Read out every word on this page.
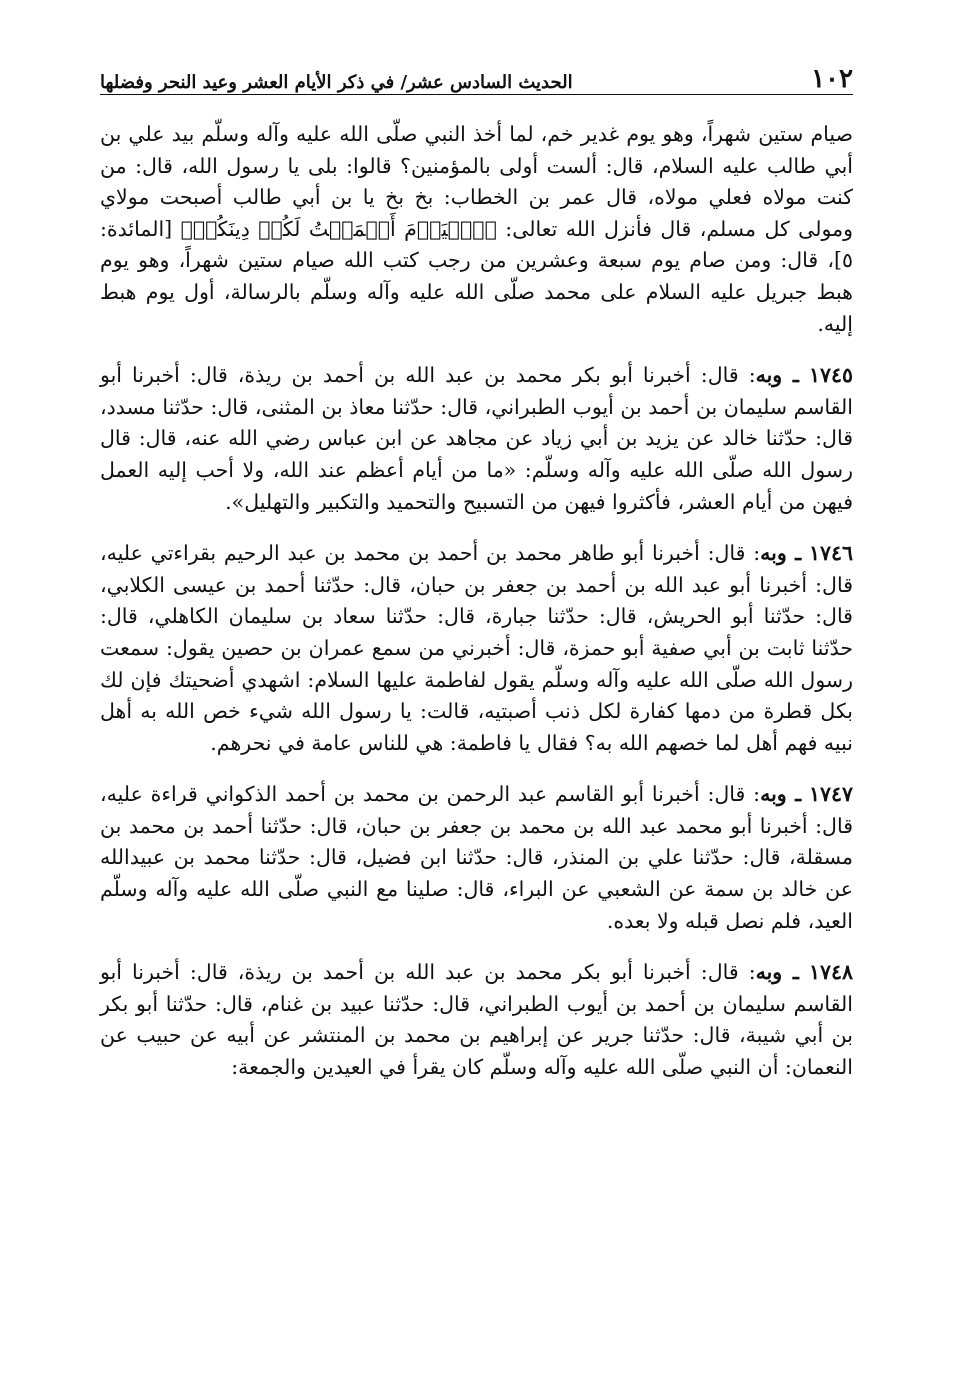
١٠٢
الحديث السادس عشر/ في ذكر الأيام العشر وعيد النحر وفضلها

صيام ستين شهراً، وهو يوم غدير خم، لما أخذ النبي صلّى الله عليه وآله وسلّم بيد علي بن أبي طالب عليه السلام، قال: ألست أولى بالمؤمنين؟ قالوا: بلى يا رسول الله، قال: من كنت مولاه فعلي مولاه، قال عمر بن الخطاب: بخ بخ يا بن أبي طالب أصبحت مولاي ومولى كل مسلم، قال فأنزل الله تعالى: ﴿ٱلۡيَوۡمَ أَكۡمَلۡتُ لَكُمۡ دِينَكُمۡ﴾ [المائدة: ٥]، قال: ومن صام يوم سبعة وعشرين من رجب كتب الله صيام ستين شهراً، وهو يوم هبط جبريل عليه السلام على محمد صلّى الله عليه وآله وسلّم بالرسالة، أول يوم هبط إليه.

١٧٤٥ ـ وبه: قال: أخبرنا أبو بكر محمد بن عبد الله بن أحمد بن ريذة، قال: أخبرنا أبو القاسم سليمان بن أحمد بن أيوب الطبراني، قال: حدّثنا معاذ بن المثنى، قال: حدّثنا مسدد، قال: حدّثنا خالد عن يزيد بن أبي زياد عن مجاهد عن ابن عباس رضي الله عنه، قال: قال رسول الله صلّى الله عليه وآله وسلّم: «ما من أيام أعظم عند الله، ولا أحب إليه العمل فيهن من أيام العشر، فأكثروا فيهن من التسبيح والتحميد والتكبير والتهليل».

١٧٤٦ ـ وبه: قال: أخبرنا أبو طاهر محمد بن أحمد بن محمد بن عبد الرحيم بقراءتي عليه، قال: أخبرنا أبو عبد الله بن أحمد بن جعفر بن حبان، قال: حدّثنا أحمد بن عيسى الكلابي، قال: حدّثنا أبو الحريش، قال: حدّثنا جبارة، قال: حدّثنا سعاد بن سليمان الكاهلي، قال: حدّثنا ثابت بن أبي صفية أبو حمزة، قال: أخبرني من سمع عمران بن حصين يقول: سمعت رسول الله صلّى الله عليه وآله وسلّم يقول لفاطمة عليها السلام: اشهدي أضحيتك فإن لك بكل قطرة من دمها كفارة لكل ذنب أصبتيه، قالت: يا رسول الله شيء خص الله به أهل نبيه فهم أهل لما خصهم الله به؟ فقال يا فاطمة: هي للناس عامة في نحرهم.

١٧٤٧ ـ وبه: قال: أخبرنا أبو القاسم عبد الرحمن بن محمد بن أحمد الذكواني قراءة عليه، قال: أخبرنا أبو محمد عبد الله بن محمد بن جعفر بن حبان، قال: حدّثنا أحمد بن محمد بن مسقلة، قال: حدّثنا علي بن المنذر، قال: حدّثنا ابن فضيل، قال: حدّثنا محمد بن عبيدالله عن خالد بن سمة عن الشعبي عن البراء، قال: صلينا مع النبي صلّى الله عليه وآله وسلّم العيد، فلم نصل قبله ولا بعده.

١٧٤٨ ـ وبه: قال: أخبرنا أبو بكر محمد بن عبد الله بن أحمد بن ريذة، قال: أخبرنا أبو القاسم سليمان بن أحمد بن أيوب الطبراني، قال: حدّثنا عبيد بن غنام، قال: حدّثنا أبو بكر بن أبي شيبة، قال: حدّثنا جرير عن إبراهيم بن محمد بن المنتشر عن أبيه عن حبيب عن النعمان: أن النبي صلّى الله عليه وآله وسلّم كان يقرأ في العيدين والجمعة:
